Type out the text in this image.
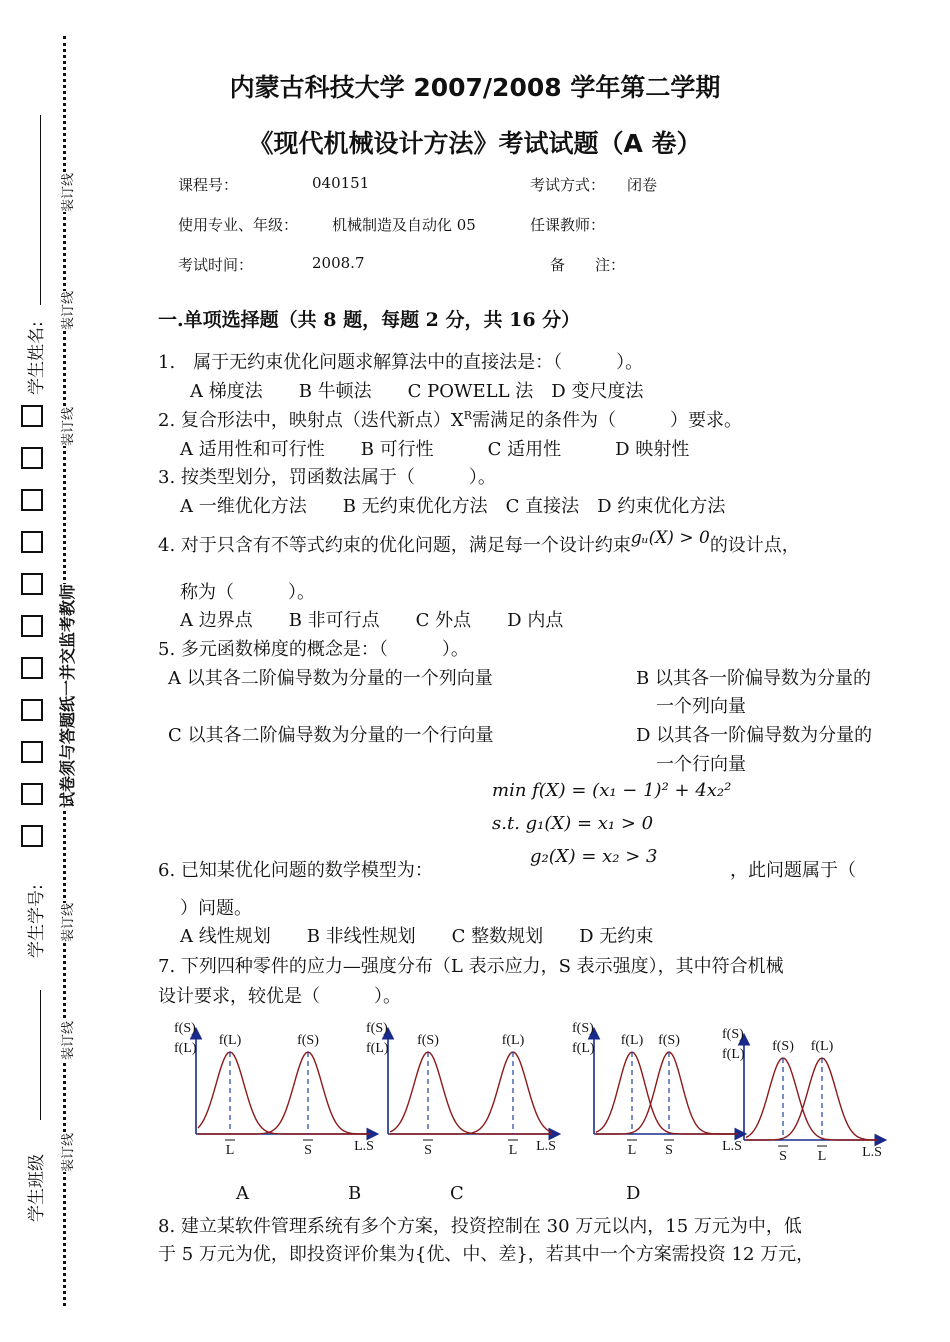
装订线
装订线
装订线
装订线
装订线
装订线
试卷须与答题纸一并交监考教师
学生姓名:
学生学号:
学生班级
内蒙古科技大学 2007/2008 学年第二学期
《现代机械设计方法》考试试题（A 卷）
课程号：	040151	考试方式： 闭卷
使用专业、年级： 机械制造及自动化 05	任课教师：
考试时间：	2008.7	备　　注：
一.单项选择题（共 8 题，每题 2 分，共 16 分）
1.　属于无约束优化问题求解算法中的直接法是：（　　　）。
A 梯度法　　B 牛顿法　　C POWELL 法　D 变尺度法
2. 复合形法中，映射点（迭代新点）$X^R$需满足的条件为（　　　）要求。
A 适用性和可行性　　B 可行性　　　C 适用性　　　D 映射性
3. 按类型划分，罚函数法属于（　　　）。
A 一维优化方法　　B 无约束优化方法　C 直接法　D 约束优化方法
4. 对于只含有不等式约束的优化问题，满足每一个设计约束gᵤ(X) > 0的设计点，
称为（　　　）。
A 边界点　　B 非可行点　　C 外点　　D 内点
5. 多元函数梯度的概念是：（　　　）。
A 以其各二阶偏导数为分量的一个列向量	B 以其各一阶偏导数为分量的
一个列向量
C 以其各二阶偏导数为分量的一个行向量	D 以其各一阶偏导数为分量的
一个行向量
min f(X) = (x₁ − 1)² + 4x₂²
s.t. g₁(X) = x₁ > 0
g₂(X) = x₂ > 3
6. 已知某优化问题的数学模型为：	，此问题属于（
）问题。
A 线性规划　　B 非线性规划　　C 整数规划　　D 无约束
7. 下列四种零件的应力—强度分布（L 表示应力，S 表示强度），其中符合机械
设计要求，较优是（　　　）。
f(S)
f(L)
f(L)	f(S)
L	S	L.S
f(S)
f(L)
f(S)	f(L)
S	L L.S
f(S)
f(L)
f(L) f(S)
L S	L.S
f(S)
f(L)
f(S) f(L)
S L	L.S
A	B	C	D
8. 建立某软件管理系统有多个方案，投资控制在 30 万元以内，15 万元为中，低
于 5 万元为优，即投资评价集为{优、中、差}，若其中一个方案需投资 12 万元，
